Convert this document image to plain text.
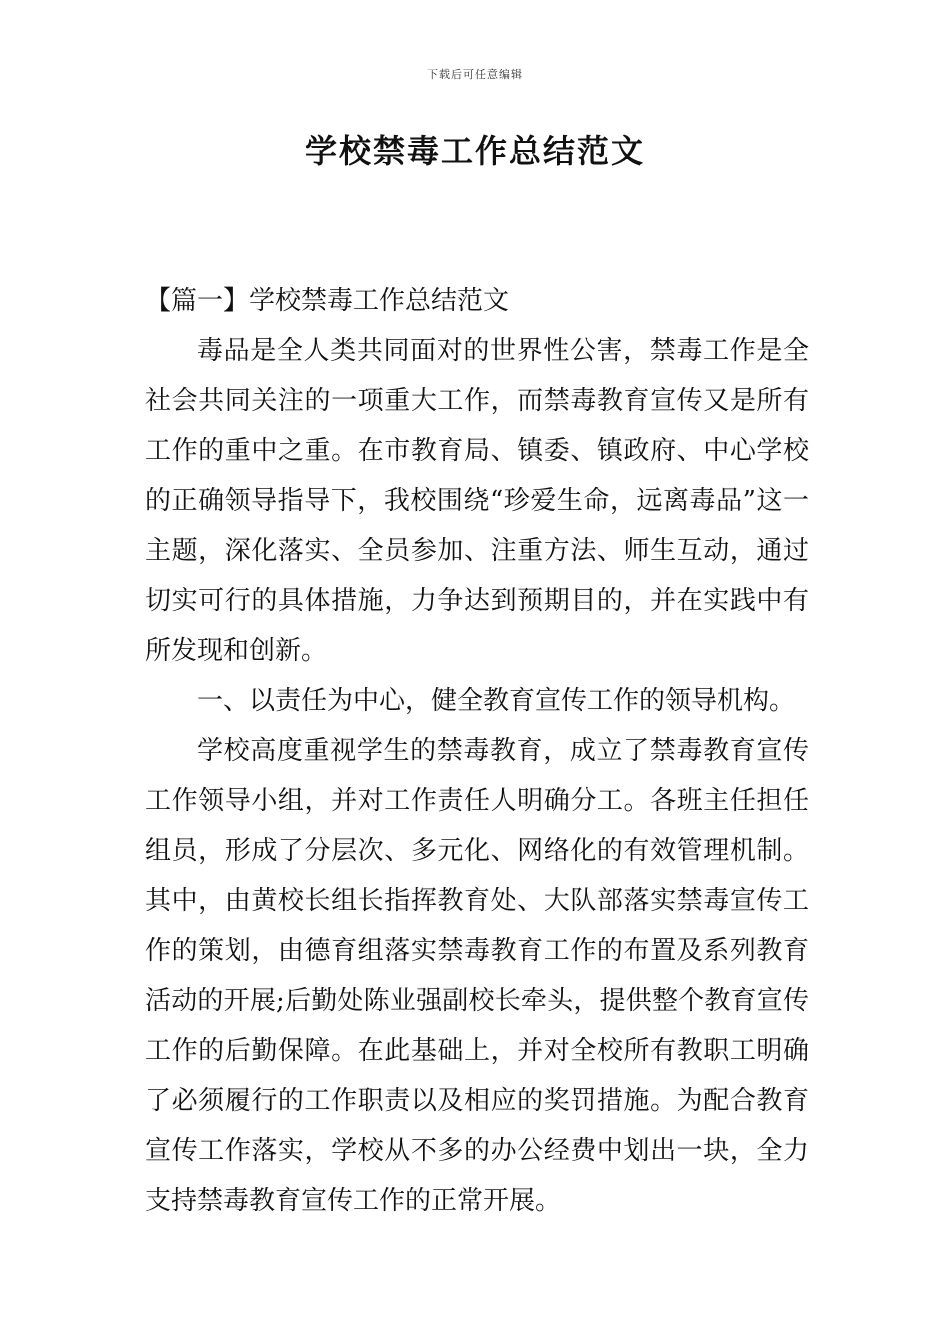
下载后可任意编辑
学校禁毒工作总结范文

【篇一】学校禁毒工作总结范文

毒品是全人类共同面对的世界性公害，禁毒工作是全社会共同关注的一项重大工作，而禁毒教育宣传又是所有工作的重中之重。在市教育局、镇委、镇政府、中心学校的正确领导指导下，我校围绕“珍爱生命，远离毒品”这一主题，深化落实、全员参加、注重方法、师生互动，通过切实可行的具体措施，力争达到预期目的，并在实践中有所发现和创新。

一、以责任为中心，健全教育宣传工作的领导机构。

学校高度重视学生的禁毒教育，成立了禁毒教育宣传工作领导小组，并对工作责任人明确分工。各班主任担任组员，形成了分层次、多元化、网络化的有效管理机制。其中，由黄校长组长指挥教育处、大队部落实禁毒宣传工作的策划，由德育组落实禁毒教育工作的布置及系列教育活动的开展;后勤处陈业强副校长牵头，提供整个教育宣传工作的后勤保障。在此基础上，并对全校所有教职工明确了必须履行的工作职责以及相应的奖罚措施。为配合教育宣传工作落实，学校从不多的办公经费中划出一块，全力支持禁毒教育宣传工作的正常开展。
